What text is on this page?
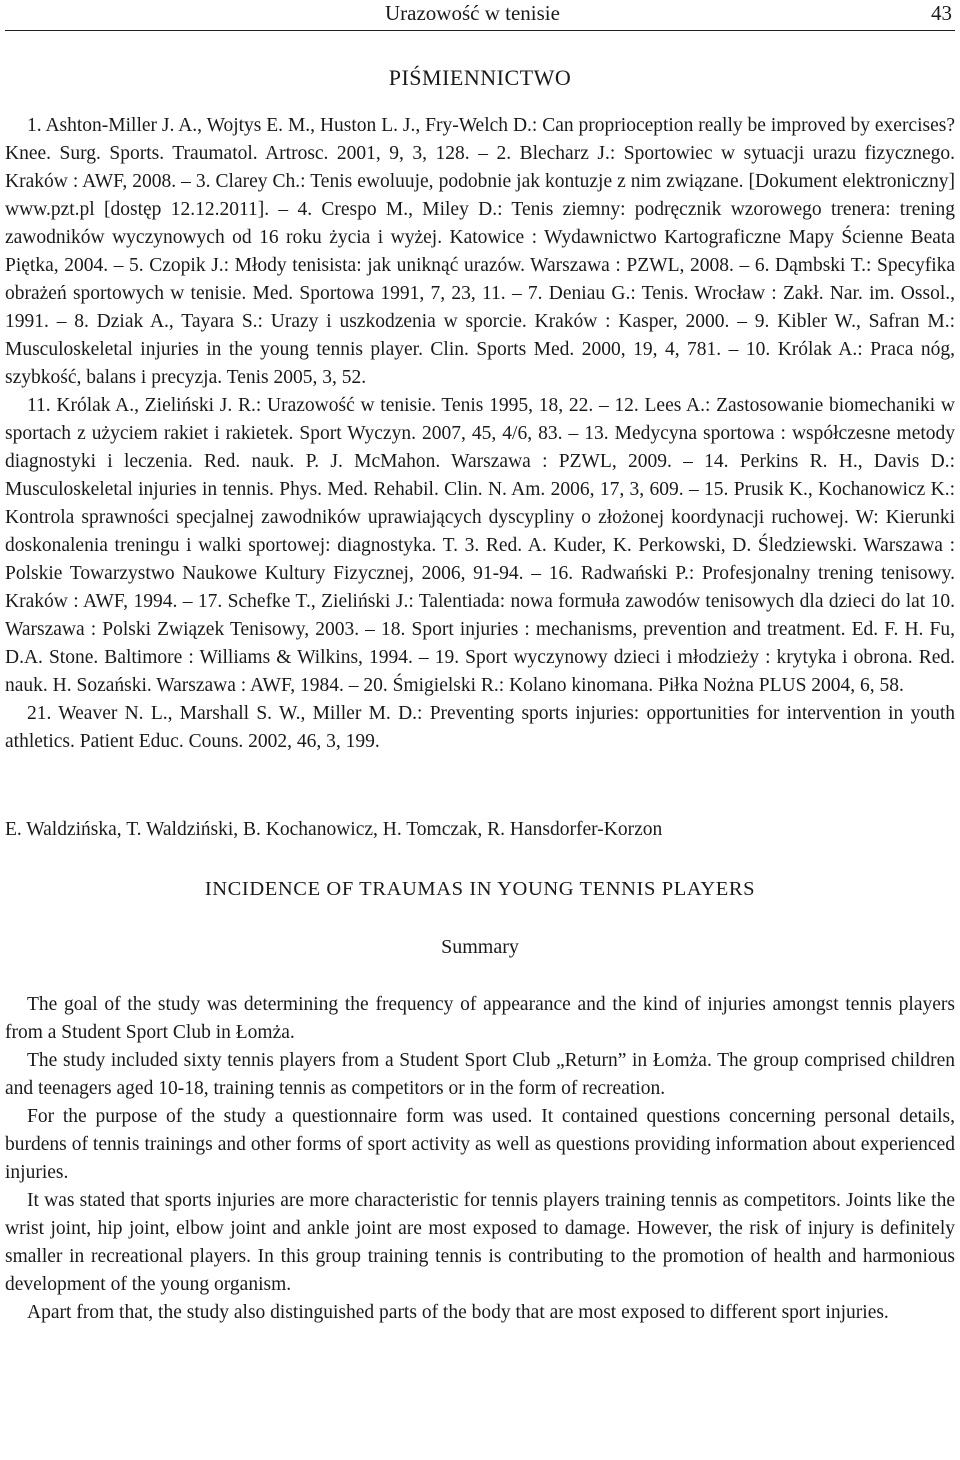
Urazowość w tenisie	43
PIŚMIENNICTWO

1. Ashton-Miller J. A., Wojtys E. M., Huston L. J., Fry-Welch D.: Can proprioception really be improved by exercises? Knee. Surg. Sports. Traumatol. Artrosc. 2001, 9, 3, 128. – 2. Blecharz J.: Sportowiec w sytuacji urazu fizycznego. Kraków : AWF, 2008. – 3. Clarey Ch.: Tenis ewoluuje, podobnie jak kontuzje z nim związane. [Dokument elektroniczny] www.pzt.pl [dostęp 12.12.2011]. – 4. Crespo M., Miley D.: Tenis ziemny: podręcznik wzorowego trenera: trening zawodników wyczynowych od 16 roku życia i wyżej. Katowice : Wydawnictwo Kartograficzne Mapy Ścienne Beata Piętka, 2004. – 5. Czopik J.: Młody tenisista: jak uniknąć urazów. Warszawa : PZWL, 2008. – 6. Dąmbski T.: Specyfika obrażeń sportowych w tenisie. Med. Sportowa 1991, 7, 23, 11. – 7. Deniau G.: Tenis. Wrocław : Zakł. Nar. im. Ossol., 1991. – 8. Dziak A., Tayara S.: Urazy i uszkodzenia w sporcie. Kraków : Kasper, 2000. – 9. Kibler W., Safran M.: Musculoskeletal injuries in the young tennis player. Clin. Sports Med. 2000, 19, 4, 781. – 10. Królak A.: Praca nóg, szybkość, balans i precyzja. Tenis 2005, 3, 52.

11. Królak A., Zieliński J. R.: Urazowość w tenisie. Tenis 1995, 18, 22. – 12. Lees A.: Zastosowanie biomechaniki w sportach z użyciem rakiet i rakietek. Sport Wyczyn. 2007, 45, 4/6, 83. – 13. Medycyna sportowa : współczesne metody diagnostyki i leczenia. Red. nauk. P. J. McMahon. Warszawa : PZWL, 2009. – 14. Perkins R. H., Davis D.: Musculoskeletal injuries in tennis. Phys. Med. Rehabil. Clin. N. Am. 2006, 17, 3, 609. – 15. Prusik K., Kochanowicz K.: Kontrola sprawności specjalnej zawodników uprawiających dyscypliny o złożonej koordynacji ruchowej. W: Kierunki doskonalenia treningu i walki sportowej: diagnostyka. T. 3. Red. A. Kuder, K. Perkowski, D. Śledziewski. Warszawa : Polskie Towarzystwo Naukowe Kultury Fizycznej, 2006, 91-94. – 16. Radwański P.: Profesjonalny trening tenisowy. Kraków : AWF, 1994. – 17. Schefke T., Zieliński J.: Talentiada: nowa formuła zawodów tenisowych dla dzieci do lat 10. Warszawa : Polski Związek Tenisowy, 2003. – 18. Sport injuries : mechanisms, prevention and treatment. Ed. F. H. Fu, D.A. Stone. Baltimore : Williams & Wilkins, 1994. – 19. Sport wyczynowy dzieci i młodzieży : krytyka i obrona. Red. nauk. H. Sozański. Warszawa : AWF, 1984. – 20. Śmigielski R.: Kolano kinomana. Piłka Nożna PLUS 2004, 6, 58.

21. Weaver N. L., Marshall S. W., Miller M. D.: Preventing sports injuries: opportunities for intervention in youth athletics. Patient Educ. Couns. 2002, 46, 3, 199.

E. Waldzińska, T. Waldziński, B. Kochanowicz, H. Tomczak, R. Hansdorfer-Korzon
INCIDENCE OF TRAUMAS IN YOUNG TENNIS PLAYERS
Summary

The goal of the study was determining the frequency of appearance and the kind of injuries amongst tennis players from a Student Sport Club in Łomża.

The study included sixty tennis players from a Student Sport Club „Return” in Łomża. The group comprised children and teenagers aged 10-18, training tennis as competitors or in the form of recreation.

For the purpose of the study a questionnaire form was used. It contained questions concerning personal details, burdens of tennis trainings and other forms of sport activity as well as questions providing information about experienced injuries.

It was stated that sports injuries are more characteristic for tennis players training tennis as competitors. Joints like the wrist joint, hip joint, elbow joint and ankle joint are most exposed to damage. However, the risk of injury is definitely smaller in recreational players. In this group training tennis is contributing to the promotion of health and harmonious development of the young organism.

Apart from that, the study also distinguished parts of the body that are most exposed to different sport injuries.
